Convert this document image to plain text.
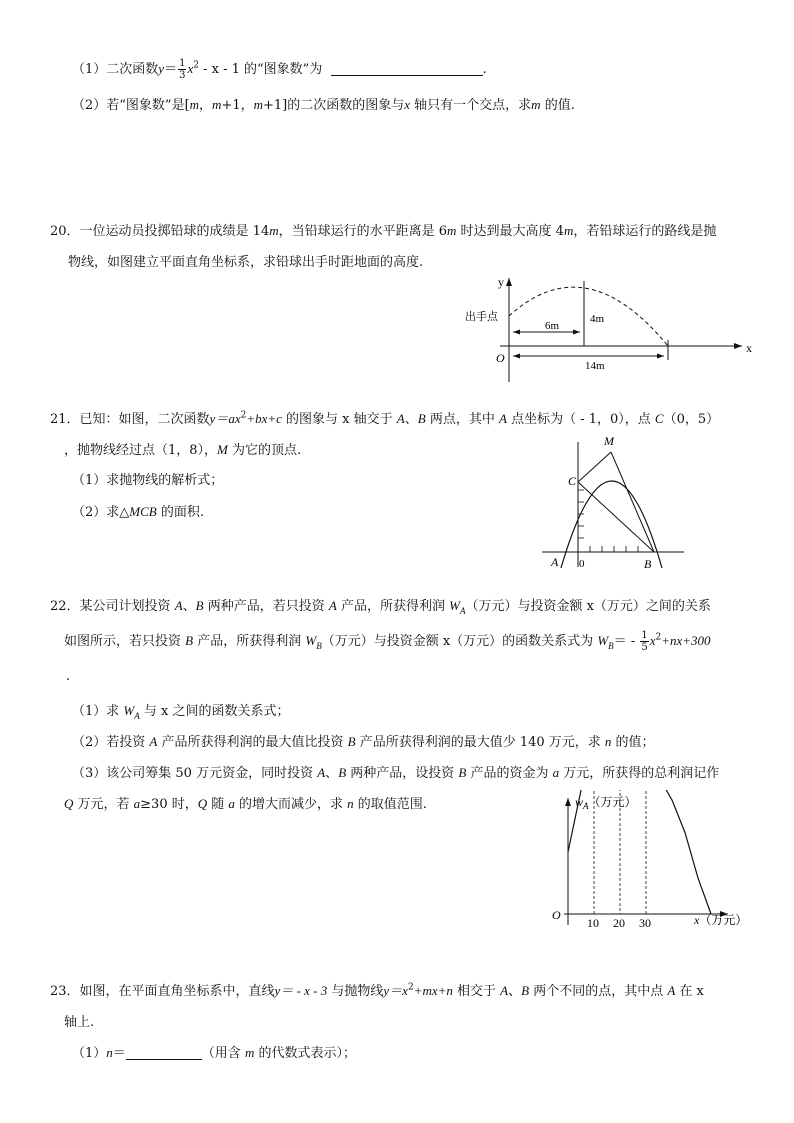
（1）二次函数$y= \frac{1}{3} x^2 - x - 1$ 的“图象数”为	.
（2）若“图象数”是[m，m+1，m+1]的二次函数的图象与x 轴只有一个交点，求m 的值.
20．一位运动员投掷铅球的成绩是 14m，当铅球运行的水平距离是 6m 时达到最大高度 4m，若铅球运行的路线是抛
物线，如图建立平面直角坐标系，求铅球出手时距地面的高度.
y
x
O
出手点	4m
6m
14m
21．已知：如图，二次函数$y=ax^2+bx+c$ 的图象与 x 轴交于 A、B 两点，其中 A 点坐标为（ - 1，0），点 C（0，5）
，抛物线经过点（1，8），M 为它的顶点.
（1）求抛物线的解析式；
（2）求△MCB 的面积.
M
C
A 0	B
22．某公司计划投资 A、B 两种产品，若只投资 A 产品，所获得利润 $W_A$（万元）与投资金额 x（万元）之间的关系
如图所示，若只投资 B 产品，所获得利润 $W_B$（万元）与投资金额 x（万元）的函数关系式为 $W_B= - \frac{1}{5} x^2+nx+300$
.
（1）求 $W_A$ 与 x 之间的函数关系式；
（2）若投资 A 产品所获得利润的最大值比投资 B 产品所获得利润的最大值少 140 万元，求 n 的值；
（3）该公司筹集 50 万元资金，同时投资 A、B 两种产品，设投资 B 产品的资金为 a 万元，所获得的总利润记作
Q 万元，若 a≥30 时，Q 随 a 的增大而减少，求 n 的取值范围.	$w_A$（万元）
x（万元）
O
10 20 30
23．如图，在平面直角坐标系中，直线y＝ - x - 3 与抛物线$y=x^2+mx+n$ 相交于 A、B 两个不同的点，其中点 A 在 x
轴上.
（1）n＝	（用含 m 的代数式表示）；
